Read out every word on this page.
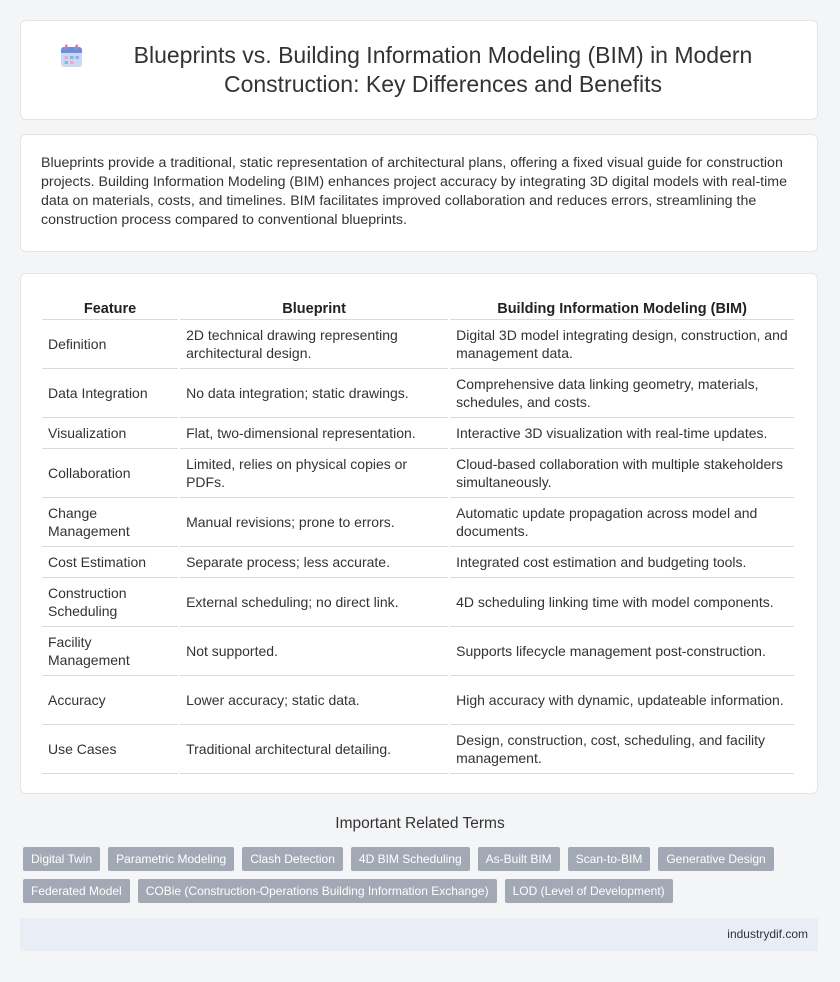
Blueprints vs. Building Information Modeling (BIM) in Modern Construction: Key Differences and Benefits

Blueprints provide a traditional, static representation of architectural plans, offering a fixed visual guide for construction projects. Building Information Modeling (BIM) enhances project accuracy by integrating 3D digital models with real-time data on materials, costs, and timelines. BIM facilitates improved collaboration and reduces errors, streamlining the construction process compared to conventional blueprints.

Feature	Blueprint	Building Information Modeling (BIM)
Definition	2D technical drawing representing architectural design.	Digital 3D model integrating design, construction, and management data.
Data Integration	No data integration; static drawings.	Comprehensive data linking geometry, materials, schedules, and costs.
Visualization	Flat, two-dimensional representation.	Interactive 3D visualization with real-time updates.
Collaboration	Limited, relies on physical copies or PDFs.	Cloud-based collaboration with multiple stakeholders simultaneously.
Change Management	Manual revisions; prone to errors.	Automatic update propagation across model and documents.
Cost Estimation	Separate process; less accurate.	Integrated cost estimation and budgeting tools.
Construction Scheduling	External scheduling; no direct link.	4D scheduling linking time with model components.
Facility Management	Not supported.	Supports lifecycle management post-construction.
Accuracy	Lower accuracy; static data.	High accuracy with dynamic, updateable information.
Use Cases	Traditional architectural detailing.	Design, construction, cost, scheduling, and facility management.
Important Related Terms
Digital Twin	Parametric Modeling	Clash Detection	4D BIM Scheduling	As-Built BIM	Scan-to-BIM	Generative Design
Federated Model	COBie (Construction-Operations Building Information Exchange)	LOD (Level of Development)
industrydif.com
